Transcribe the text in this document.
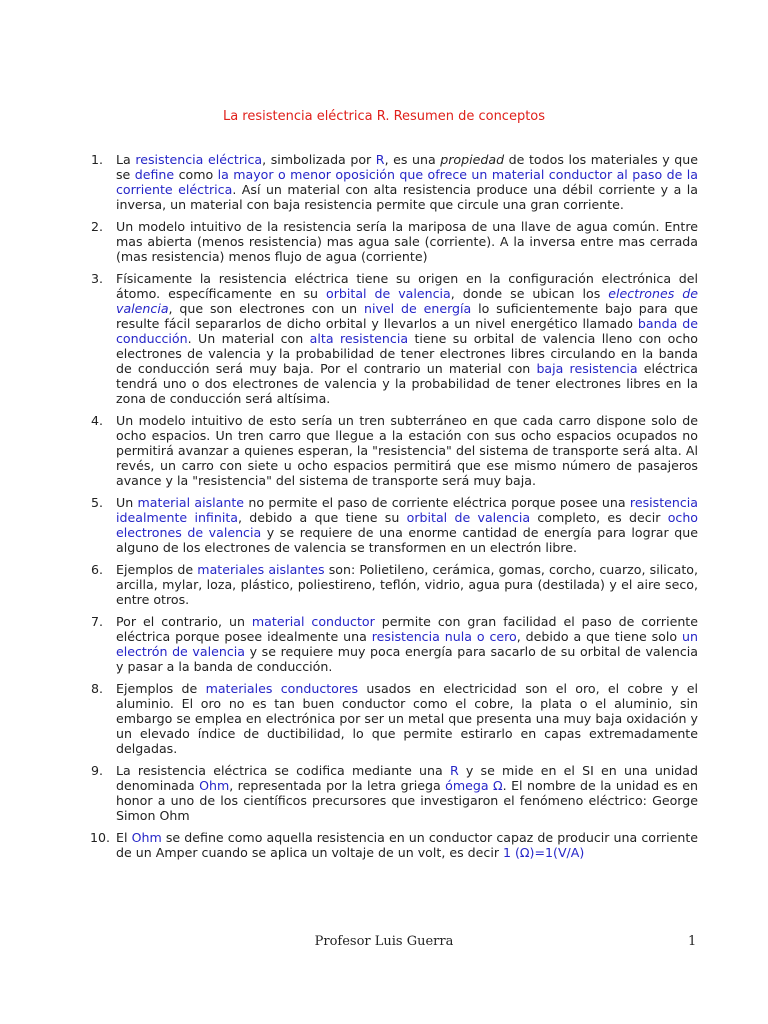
La resistencia eléctrica R. Resumen de conceptos
1. La resistencia eléctrica, simbolizada por R, es una propiedad de todos los materiales y que se define como la mayor o menor oposición que ofrece un material conductor al paso de la corriente eléctrica. Así un material con alta resistencia produce una débil corriente y a la inversa, un material con baja resistencia permite que circule una gran corriente.
2. Un modelo intuitivo de la resistencia sería la mariposa de una llave de agua común. Entre mas abierta (menos resistencia) mas agua sale (corriente). A la inversa entre mas cerrada (mas resistencia) menos flujo de agua (corriente)
3. Físicamente la resistencia eléctrica tiene su origen en la configuración electrónica del átomo. específicamente en su orbital de valencia, donde se ubican los electrones de valencia, que son electrones con un nivel de energía lo suficientemente bajo para que resulte fácil separarlos de dicho orbital y llevarlos a un nivel energético llamado banda de conducción. Un material con alta resistencia tiene su orbital de valencia lleno con ocho electrones de valencia y la probabilidad de tener electrones libres circulando en la banda de conducción será muy baja. Por el contrario un material con baja resistencia eléctrica tendrá uno o dos electrones de valencia y la probabilidad de tener electrones libres en la zona de conducción será altísima.
4. Un modelo intuitivo de esto sería un tren subterráneo en que cada carro dispone solo de ocho espacios. Un tren carro que llegue a la estación con sus ocho espacios ocupados no permitirá avanzar a quienes esperan, la "resistencia" del sistema de transporte será alta. Al revés, un carro con siete u ocho espacios permitirá que ese mismo número de pasajeros avance y la "resistencia" del sistema de transporte será muy baja.
5. Un material aislante no permite el paso de corriente eléctrica porque posee una resistencia idealmente infinita, debido a que tiene su orbital de valencia completo, es decir ocho electrones de valencia y se requiere de una enorme cantidad de energía para lograr que alguno de los electrones de valencia se transformen en un electrón libre.
6. Ejemplos de materiales aislantes son: Polietileno, cerámica, gomas, corcho, cuarzo, silicato, arcilla, mylar, loza, plástico, poliestireno, teflón, vidrio, agua pura (destilada) y el aire seco, entre otros.
7. Por el contrario, un material conductor permite con gran facilidad el paso de corriente eléctrica porque posee idealmente una resistencia nula o cero, debido a que tiene solo un electrón de valencia y se requiere muy poca energía para sacarlo de su orbital de valencia y pasar a la banda de conducción.
8. Ejemplos de materiales conductores usados en electricidad son el oro, el cobre y el aluminio. El oro no es tan buen conductor como el cobre, la plata o el aluminio, sin embargo se emplea en electrónica por ser un metal que presenta una muy baja oxidación y un elevado índice de ductibilidad, lo que permite estirarlo en capas extremadamente delgadas.
9. La resistencia eléctrica se codifica mediante una R y se mide en el SI en una unidad denominada Ohm, representada por la letra griega ómega Ω. El nombre de la unidad es en honor a uno de los científicos precursores que investigaron el fenómeno eléctrico: George Simon Ohm
10. El Ohm se define como aquella resistencia en un conductor capaz de producir una corriente de un Amper cuando se aplica un voltaje de un volt, es decir 1 (Ω)=1(V/A)
Profesor Luis Guerra	1
